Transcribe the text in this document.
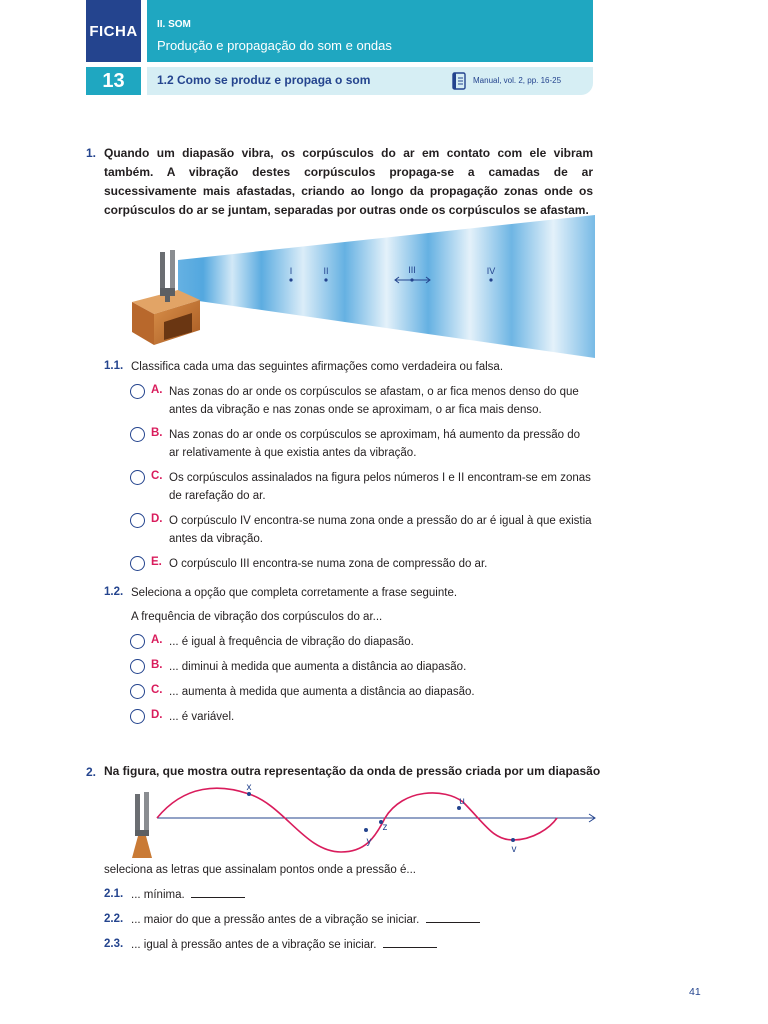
FICHA
13
II. SOM
Produção e propagação do som e ondas
1.2 Como se produz e propaga o som	Manual, vol. 2, pp. 16-25
1. Quando um diapasão vibra, os corpúsculos do ar em contato com ele vibram também. A vibração destes corpúsculos propaga-se a camadas de ar sucessivamente mais afastadas, criando ao longo da propagação zonas onde os corpúsculos do ar se juntam, separadas por outras onde os corpúsculos se afastam.
I	II	III	IV
1.1. Classifica cada uma das seguintes afirmações como verdadeira ou falsa.
A. Nas zonas do ar onde os corpúsculos se afastam, o ar fica menos denso do que antes da vibração e nas zonas onde se aproximam, o ar fica mais denso.
B. Nas zonas do ar onde os corpúsculos se aproximam, há aumento da pressão do ar relativamente à que existia antes da vibração.
C. Os corpúsculos assinalados na figura pelos números I e II encontram-se em zonas de rarefação do ar.
D. O corpúsculo IV encontra-se numa zona onde a pressão do ar é igual à que existia antes da vibração.
E. O corpúsculo III encontra-se numa zona de compressão do ar.
1.2. Seleciona a opção que completa corretamente a frase seguinte.
A frequência de vibração dos corpúsculos do ar...
A. ... é igual à frequência de vibração do diapasão.
B. ... diminui à medida que aumenta a distância ao diapasão.
C. ... aumenta à medida que aumenta a distância ao diapasão.
D. ... é variável.
2. Na figura, que mostra outra representação da onda de pressão criada por um diapasão
x
y
z
u
v
seleciona as letras que assinalam pontos onde a pressão é...
2.1. ... mínima.
2.2. ... maior do que a pressão antes de a vibração se iniciar.
2.3. ... igual à pressão antes de a vibração se iniciar.
41
